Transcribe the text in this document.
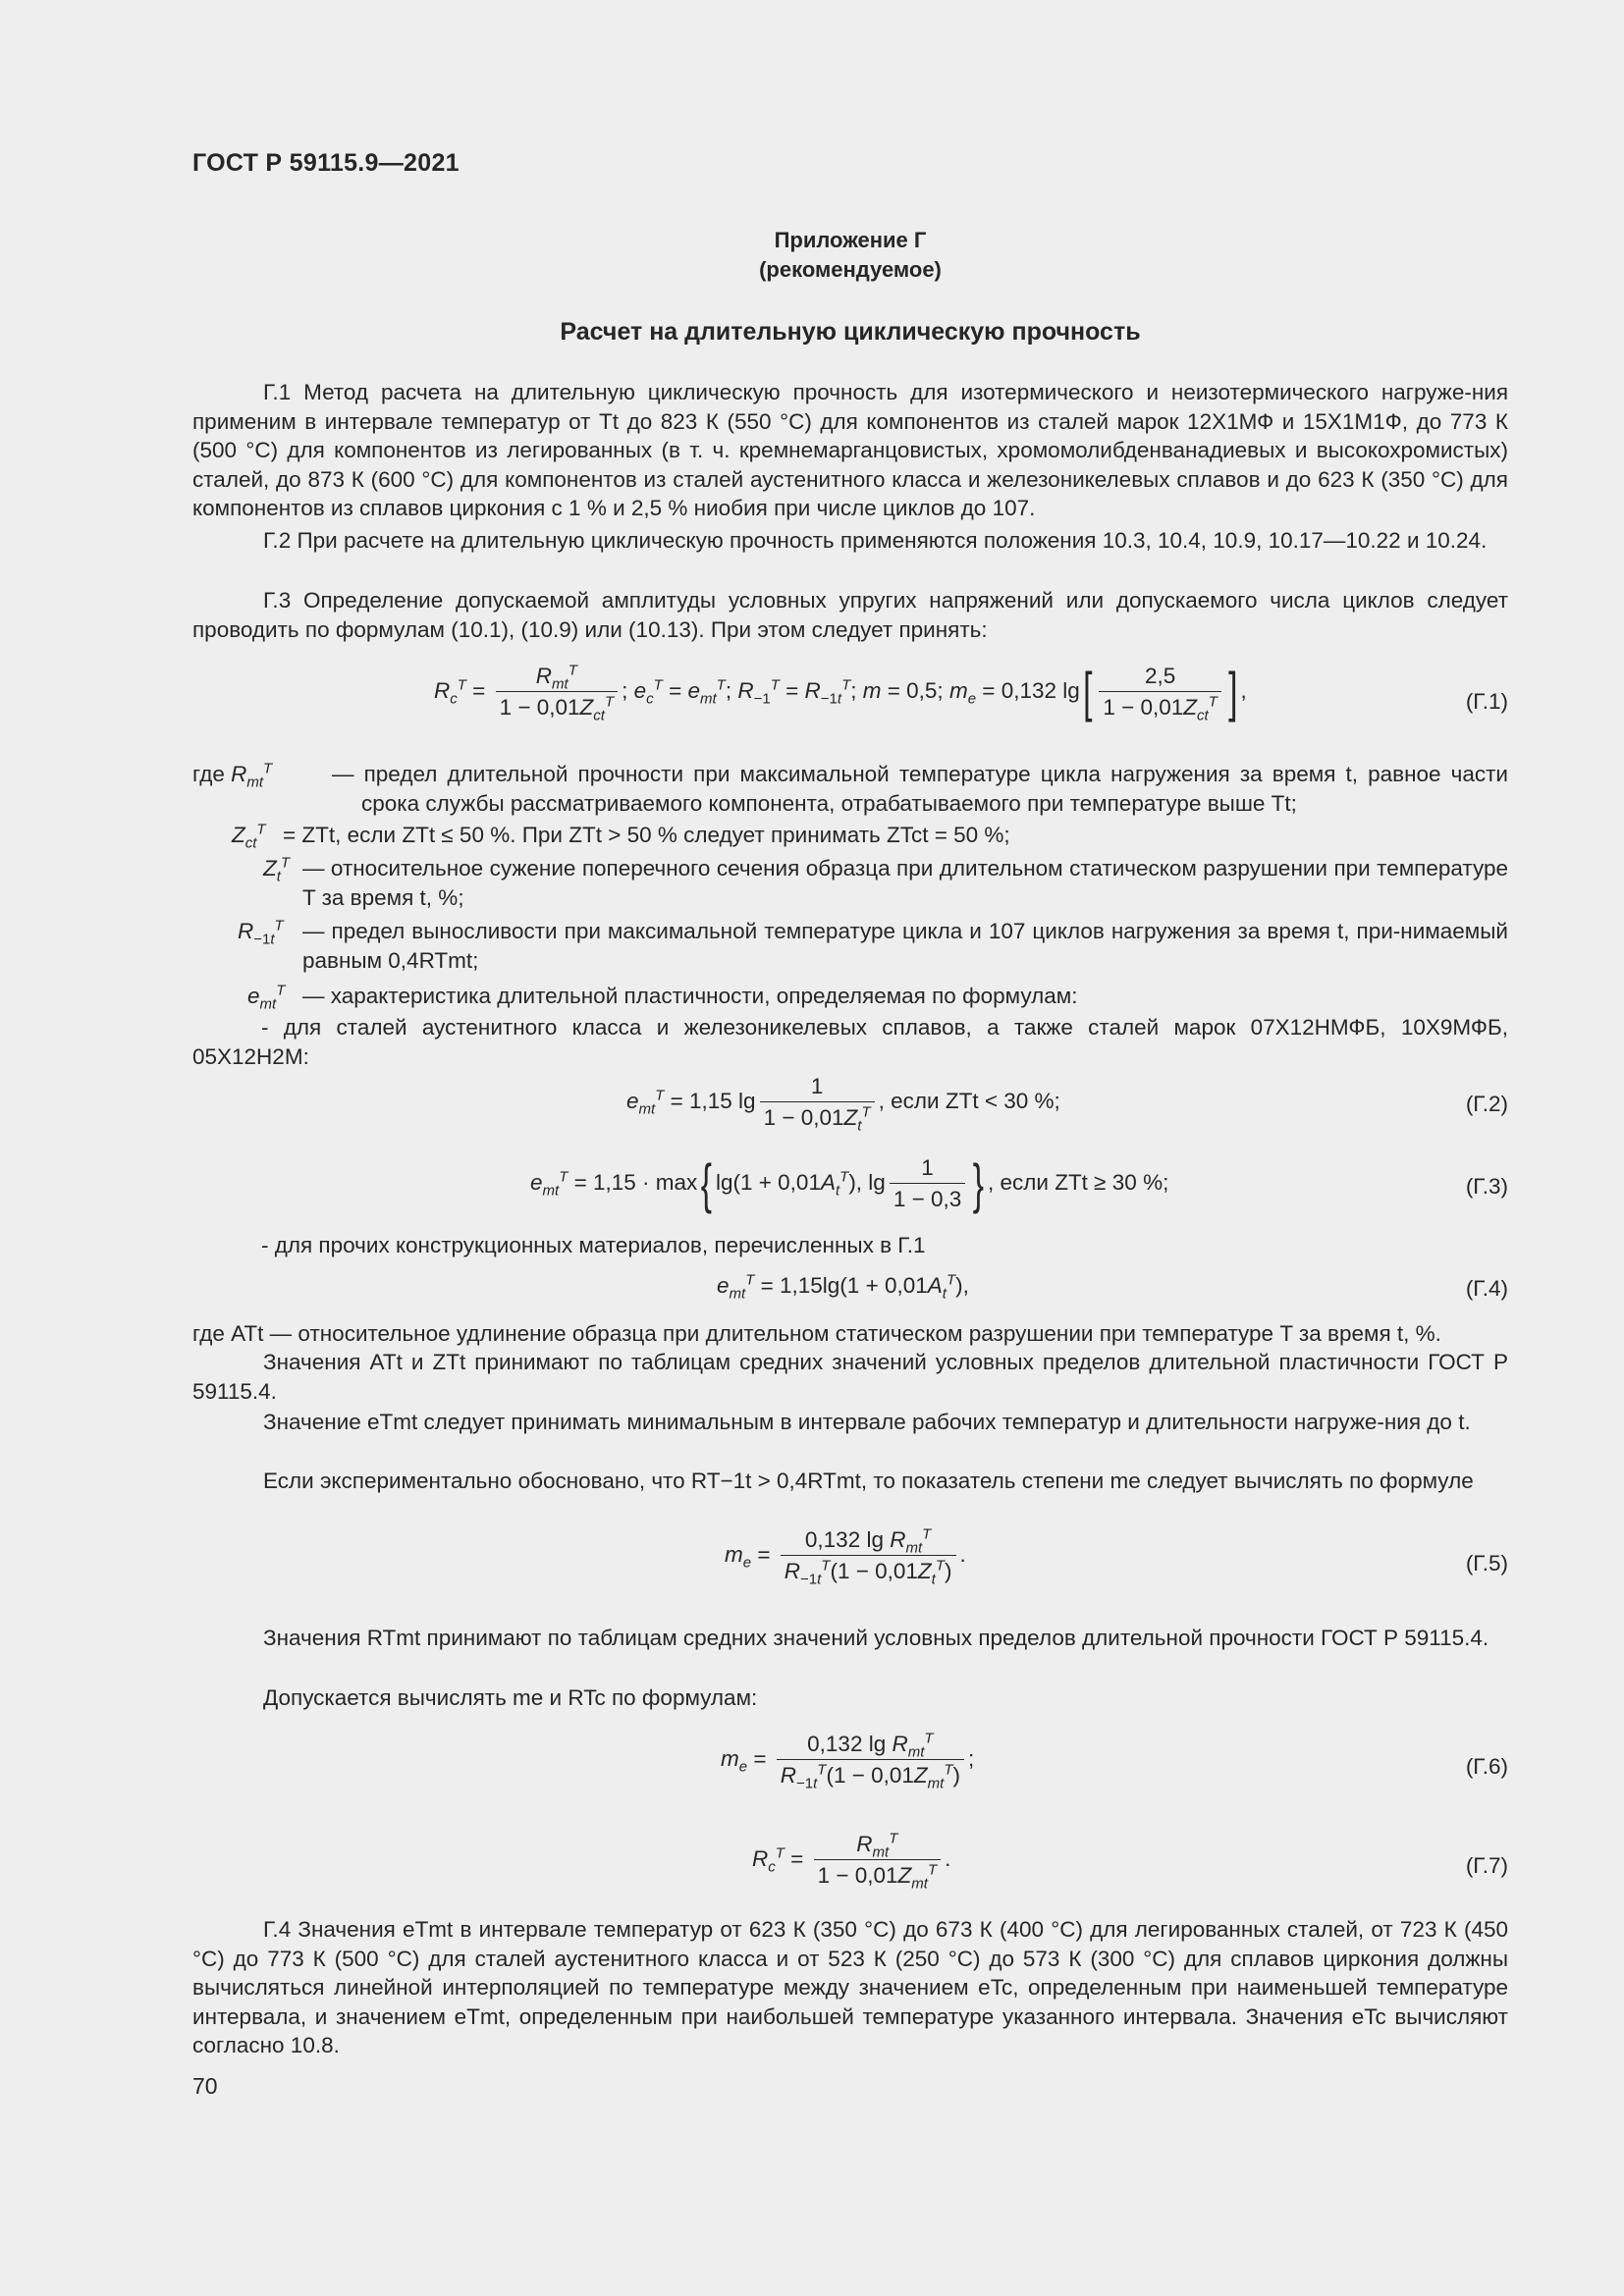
ГОСТ Р 59115.9—2021
Приложение Г
(рекомендуемое)
Расчет на длительную циклическую прочность
Г.1 Метод расчета на длительную циклическую прочность для изотермического и неизотермического нагруже-ния применим в интервале температур от Tt до 823 К (550 °С) для компонентов из сталей марок 12Х1МФ и 15Х1М1Ф, до 773 К (500 °С) для компонентов из легированных (в т. ч. кремнемарганцовистых, хромомолибденванадиевых и высокохромистых) сталей, до 873 К (600 °С) для компонентов из сталей аустенитного класса и железоникелевых сплавов и до 623 К (350 °С) для компонентов из сплавов циркония с 1 % и 2,5 % ниобия при числе циклов до 107.
Г.2 При расчете на длительную циклическую прочность применяются положения 10.3, 10.4, 10.9, 10.17—10.22 и 10.24.
Г.3 Определение допускаемой амплитуды условных упругих напряжений или допускаемого числа циклов следует проводить по формулам (10.1), (10.9) или (10.13). При этом следует принять:
$R_c^T = \frac{R_{mt}^T}{1 - 0,01Z_{ct}^T}$ ; $e_c^T = e_{mt}^T$; $R_{-1}^T = R_{-1t}^T$; m = 0,5; $m_e = 0,132$ $\lg[ \frac{2,5}{1 - 0,01Z_{ct}^T}$ ] ,	(Г.1)
где $R_{mt}^T$	— предел длительной прочности при максимальной температуре цикла нагружения за время t, равное части срока службы рассматриваемого компонента, отрабатываемого при температуре выше Tt;
$Z_{ct}^T$ = ZTt, если ZTt ≤ 50 %. При ZTt > 50 % следует принимать ZTct = 50 %;
$Z_t^T$ — относительное сужение поперечного сечения образца при длительном статическом разрушении при температуре T за время t, %;
$R_{-1t}^T$ — предел выносливости при максимальной температуре цикла и 107 циклов нагружения за время t, при-нимаемый равным 0,4RTmt;
$e_{mt}^T$ — характеристика длительной пластичности, определяемая по формулам:
- для сталей аустенитного класса и железоникелевых сплавов, а также сталей марок 07Х12НМФБ, 10Х9МФБ, 05Х12Н2М:
$e_{mt}^T = 1,15$ $\lg \frac{1}{1 - 0,01Z_t^T}$ , если ZTt < 30 %;	(Г.2)
$e_{mt}^T = 1,15 \cdot \max${ $\lg(1 + 0,01A_t^T)$, $\lg \frac{1}{1 - 0,3}$ } , если ZTt ≥ 30 %;	(Г.3)
- для прочих конструкционных материалов, перечисленных в Г.1
$e_{mt}^T = 1,15\lg(1 + 0,01A_t^T)$,	(Г.4)
где ATt — относительное удлинение образца при длительном статическом разрушении при температуре T за время t, %.
Значения ATt и ZTt принимают по таблицам средних значений условных пределов длительной пластичности ГОСТ Р 59115.4.
Значение eTmt следует принимать минимальным в интервале рабочих температур и длительности нагруже-ния до t.
Если экспериментально обосновано, что RT−1t > 0,4RTmt, то показатель степени me следует вычислять по формуле
$m_e = \frac{0,132 \lg R_{mt}^T}{R_{-1t}^T(1 - 0,01Z_t^T)}$ .	(Г.5)
Значения RTmt принимают по таблицам средних значений условных пределов длительной прочности ГОСТ Р 59115.4.
Допускается вычислять me и RTc по формулам:
$m_e = \frac{0,132 \lg R_{mt}^T}{R_{-1t}^T(1 - 0,01Z_{mt}^T)}$ ;	(Г.6)
$R_c^T = \frac{R_{mt}^T}{1 - 0,01Z_{mt}^T}$ .	(Г.7)
Г.4 Значения eTmt в интервале температур от 623 К (350 °С) до 673 К (400 °С) для легированных сталей, от 723 К (450 °С) до 773 К (500 °С) для сталей аустенитного класса и от 523 К (250 °С) до 573 К (300 °С) для сплавов циркония должны вычисляться линейной интерполяцией по температуре между значением eTc, определенным при наименьшей температуре интервала, и значением eTmt, определенным при наибольшей температуре указанного интервала. Значения eTc вычисляют согласно 10.8.
70
